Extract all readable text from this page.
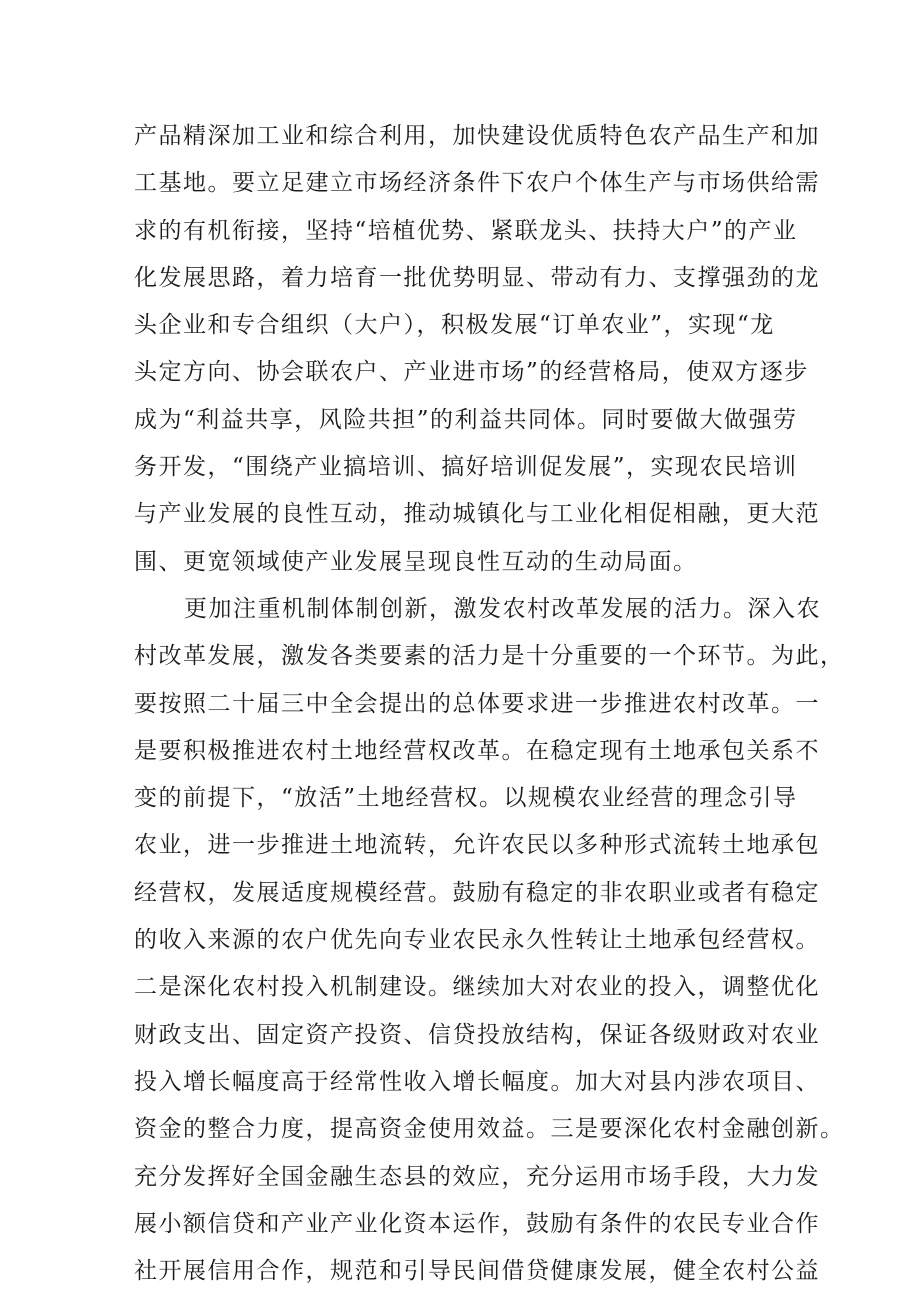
产品精深加工业和综合利用，加快建设优质特色农产品生产和加
工基地。要立足建立市场经济条件下农户个体生产与市场供给需
求的有机衔接，坚持“培植优势、紧联龙头、扶持大户”的产业
化发展思路，着力培育一批优势明显、带动有力、支撑强劲的龙
头企业和专合组织（大户），积极发展“订单农业”，实现“龙
头定方向、协会联农户、产业进市场”的经营格局，使双方逐步
成为“利益共享，风险共担”的利益共同体。同时要做大做强劳
务开发，“围绕产业搞培训、搞好培训促发展”，实现农民培训
与产业发展的良性互动，推动城镇化与工业化相促相融，更大范
围、更宽领域使产业发展呈现良性互动的生动局面。
更加注重机制体制创新，激发农村改革发展的活力。深入农
村改革发展，激发各类要素的活力是十分重要的一个环节。为此，
要按照二十届三中全会提出的总体要求进一步推进农村改革。一
是要积极推进农村土地经营权改革。在稳定现有土地承包关系不
变的前提下，“放活”土地经营权。以规模农业经营的理念引导
农业，进一步推进土地流转，允许农民以多种形式流转土地承包
经营权，发展适度规模经营。鼓励有稳定的非农职业或者有稳定
的收入来源的农户优先向专业农民永久性转让土地承包经营权。
二是深化农村投入机制建设。继续加大对农业的投入，调整优化
财政支出、固定资产投资、信贷投放结构，保证各级财政对农业
投入增长幅度高于经常性收入增长幅度。加大对县内涉农项目、
资金的整合力度，提高资金使用效益。三是要深化农村金融创新。
充分发挥好全国金融生态县的效应，充分运用市场手段，大力发
展小额信贷和产业产业化资本运作，鼓励有条件的农民专业合作
社开展信用合作，规范和引导民间借贷健康发展，健全农村公益
